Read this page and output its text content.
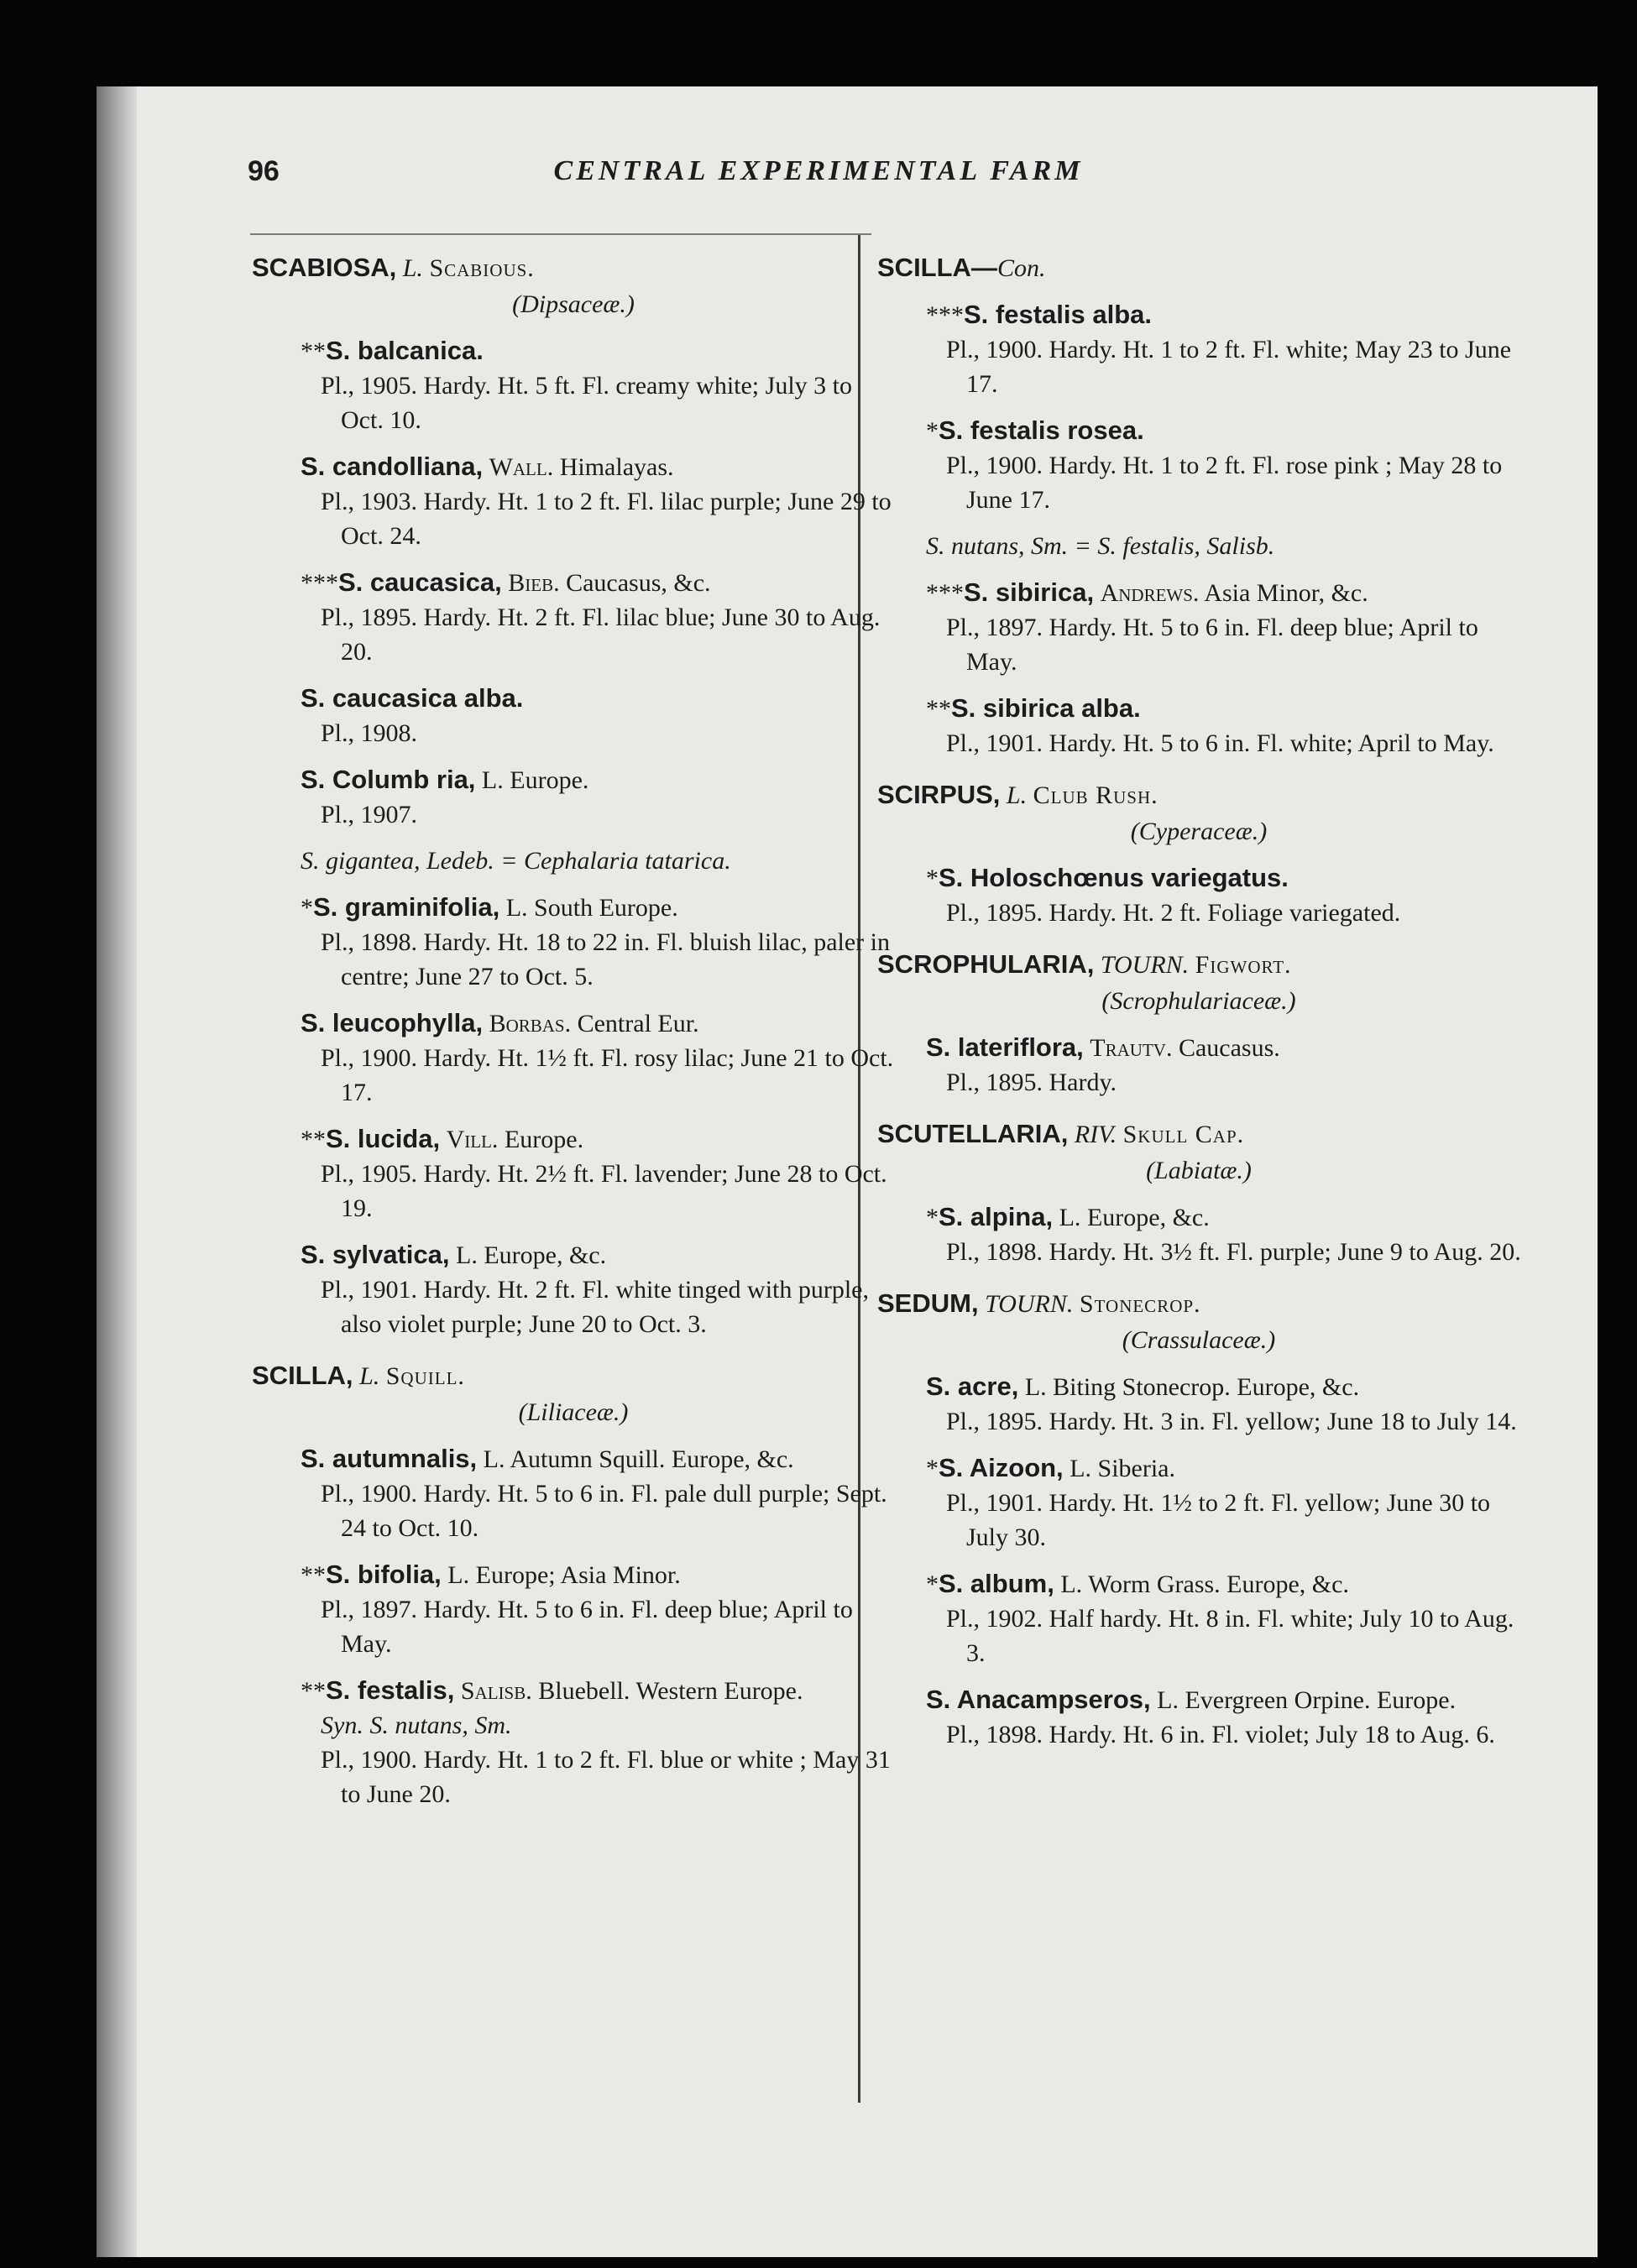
96	CENTRAL EXPERIMENTAL FARM
SCABIOSA, L. Scabious.
(Dipsaceæ.)
**S. balcanica.
Pl., 1905. Hardy. Ht. 5 ft. Fl. creamy white; July 3 to Oct. 10.
S. candolliana, Wall. Himalayas.
Pl., 1903. Hardy. Ht. 1 to 2 ft. Fl. lilac purple; June 29 to Oct. 24.
***S. caucasica, Bieb. Caucasus, &c.
Pl., 1895. Hardy. Ht. 2 ft. Fl. lilac blue; June 30 to Aug. 20.
S. caucasica alba.
Pl., 1908.
S. Columb ria, L. Europe.
Pl., 1907.
S. gigantea, Ledeb. = Cephalaria tatarica.
*S. graminifolia, L. South Europe.
Pl., 1898. Hardy. Ht. 18 to 22 in. Fl. bluish lilac, paler in centre; June 27 to Oct. 5.
S. leucophylla, Borbas. Central Eur.
Pl., 1900. Hardy. Ht. 1½ ft. Fl. rosy lilac; June 21 to Oct. 17.
**S. lucida, Vill. Europe.
Pl., 1905. Hardy. Ht. 2½ ft. Fl. lavender; June 28 to Oct. 19.
S. sylvatica, L. Europe, &c.
Pl., 1901. Hardy. Ht. 2 ft. Fl. white tinged with purple, also violet purple; June 20 to Oct. 3.
SCILLA, L. Squill.
(Liliaceæ.)
S. autumnalis, L. Autumn Squill. Europe, &c.
Pl., 1900. Hardy. Ht. 5 to 6 in. Fl. pale dull purple; Sept. 24 to Oct. 10.
**S. bifolia, L. Europe; Asia Minor.
Pl., 1897. Hardy. Ht. 5 to 6 in. Fl. deep blue; April to May.
**S. festalis, Salisb. Bluebell. Western Europe.
Syn. S. nutans, Sm.
Pl., 1900. Hardy. Ht. 1 to 2 ft. Fl. blue or white ; May 31 to June 20.
SCILLA—Con.
***S. festalis alba.
Pl., 1900. Hardy. Ht. 1 to 2 ft. Fl. white; May 23 to June 17.
*S. festalis rosea.
Pl., 1900. Hardy. Ht. 1 to 2 ft. Fl. rose pink ; May 28 to June 17.
S. nutans, Sm. = S. festalis, Salisb.
***S. sibirica, Andrews. Asia Minor, &c.
Pl., 1897. Hardy. Ht. 5 to 6 in. Fl. deep blue; April to May.
**S. sibirica alba.
Pl., 1901. Hardy. Ht. 5 to 6 in. Fl. white; April to May.
SCIRPUS, L. Club Rush.
(Cyperaceæ.)
*S. Holoschœnus variegatus.
Pl., 1895. Hardy. Ht. 2 ft. Foliage variegated.
SCROPHULARIA, TOURN. Figwort.
(Scrophulariaceæ.)
S. lateriflora, Trautv. Caucasus.
Pl., 1895. Hardy.
SCUTELLARIA, RIV. Skull Cap.
(Labiatæ.)
*S. alpina, L. Europe, &c.
Pl., 1898. Hardy. Ht. 3½ ft. Fl. purple; June 9 to Aug. 20.
SEDUM, TOURN. Stonecrop.
(Crassulaceæ.)
S. acre, L. Biting Stonecrop. Europe, &c.
Pl., 1895. Hardy. Ht. 3 in. Fl. yellow; June 18 to July 14.
*S. Aizoon, L. Siberia.
Pl., 1901. Hardy. Ht. 1½ to 2 ft. Fl. yellow; June 30 to July 30.
*S. album, L. Worm Grass. Europe, &c.
Pl., 1902. Half hardy. Ht. 8 in. Fl. white; July 10 to Aug. 3.
S. Anacampseros, L. Evergreen Orpine. Europe.
Pl., 1898. Hardy. Ht. 6 in. Fl. violet; July 18 to Aug. 6.
